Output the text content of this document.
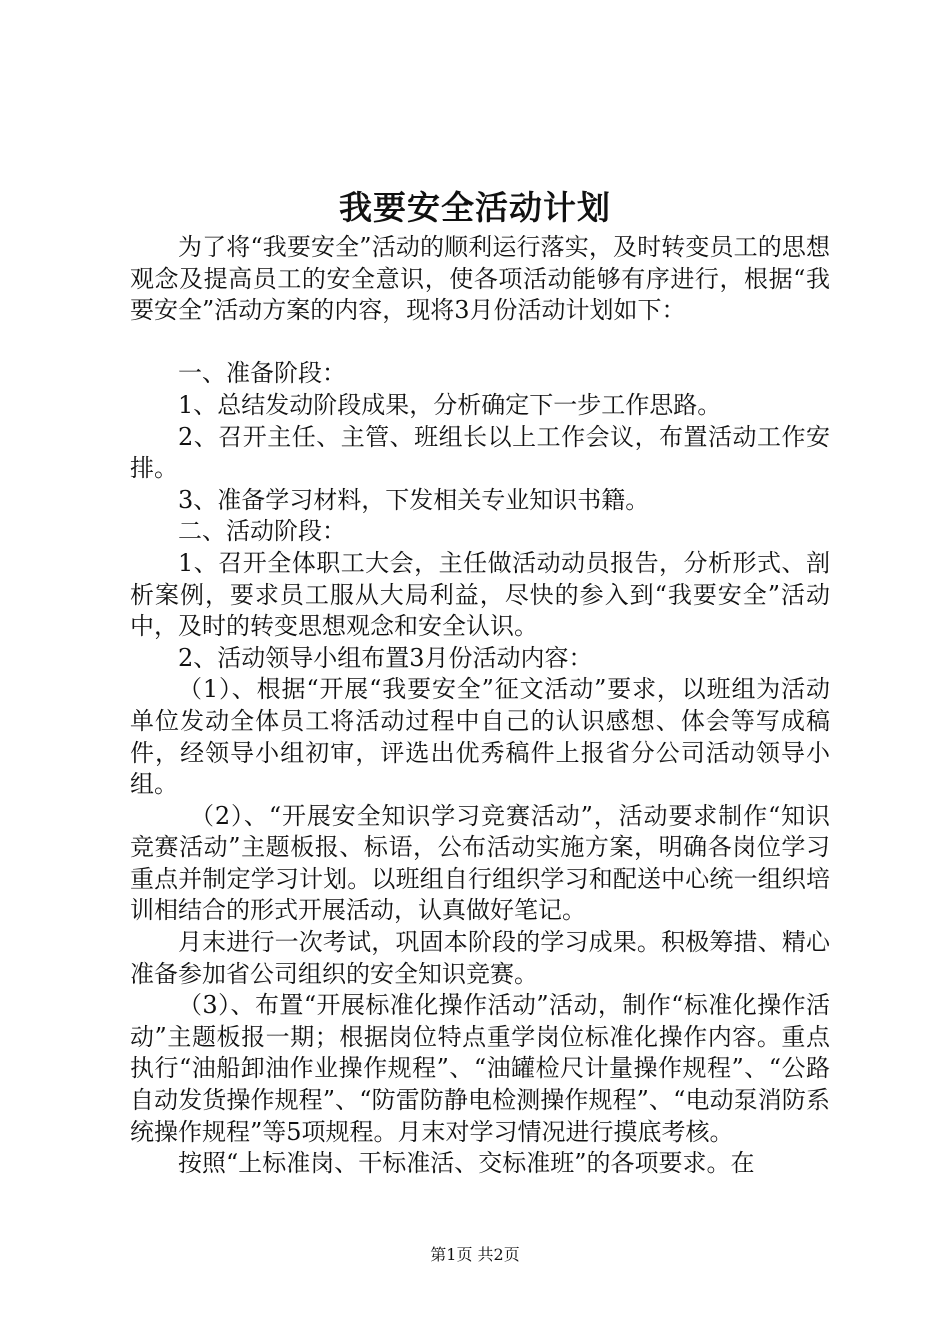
我要安全活动计划

为了将“我要安全”活动的顺利运行落实，及时转变员工的思想观念及提高员工的安全意识，使各项活动能够有序进行，根据“我要安全”活动方案的内容，现将3月份活动计划如下：

一、准备阶段：

1、总结发动阶段成果，分析确定下一步工作思路。

2、召开主任、主管、班组长以上工作会议，布置活动工作安排。

3、准备学习材料，下发相关专业知识书籍。

二、活动阶段：

1、召开全体职工大会，主任做活动动员报告，分析形式、剖析案例，要求员工服从大局利益，尽快的参入到“我要安全”活动中，及时的转变思想观念和安全认识。

2、活动领导小组布置3月份活动内容：

（1）、根据“开展“我要安全”征文活动”要求，以班组为活动单位发动全体员工将活动过程中自己的认识感想、体会等写成稿件，经领导小组初审，评选出优秀稿件上报省分公司活动领导小组。

（2）、“开展安全知识学习竞赛活动”，活动要求制作“知识竞赛活动”主题板报、标语，公布活动实施方案，明确各岗位学习重点并制定学习计划。以班组自行组织学习和配送中心统一组织培训相结合的形式开展活动，认真做好笔记。

月末进行一次考试，巩固本阶段的学习成果。积极筹措、精心准备参加省公司组织的安全知识竞赛。

（3）、布置“开展标准化操作活动”活动，制作“标准化操作活动”主题板报一期；根据岗位特点重学岗位标准化操作内容。重点执行“油船卸油作业操作规程”、“油罐检尺计量操作规程”、“公路自动发货操作规程”、“防雷防静电检测操作规程”、“电动泵消防系统操作规程”等5项规程。月末对学习情况进行摸底考核。

按照“上标准岗、干标准活、交标准班”的各项要求。在

第1页 共2页
